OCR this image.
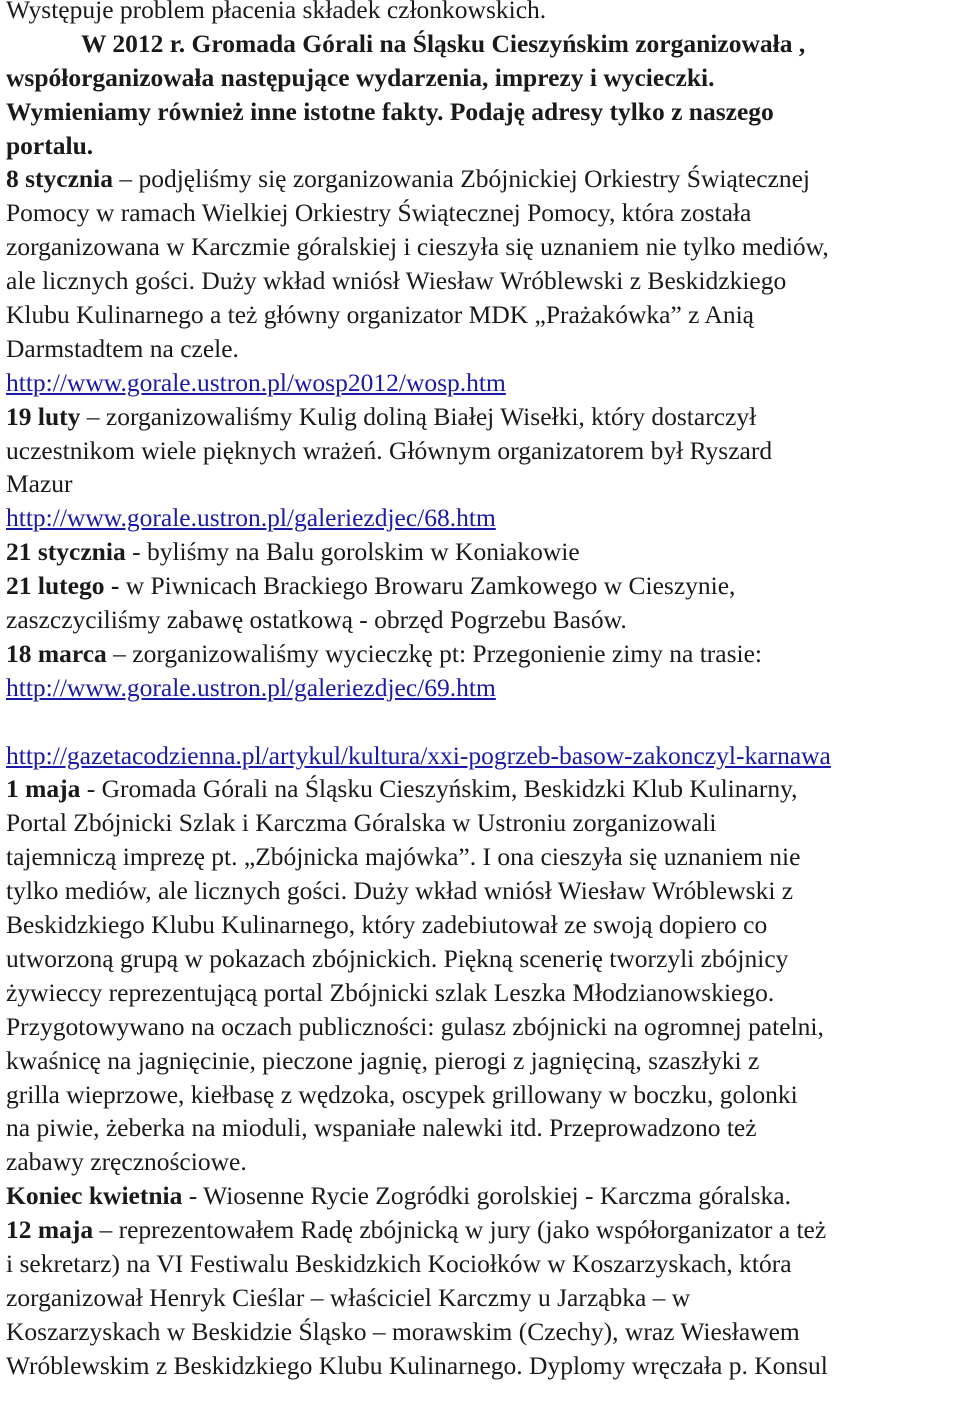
Występuje problem płacenia składek członkowskich.
W 2012 r. Gromada Górali na Śląsku Cieszyńskim zorganizowała ,
współorganizowała następujące wydarzenia, imprezy i wycieczki.
Wymieniamy również inne istotne fakty. Podaję adresy tylko z naszego
portalu.
8 stycznia – podjęliśmy się zorganizowania Zbójnickiej Orkiestry Świątecznej
Pomocy w ramach Wielkiej Orkiestry Świątecznej Pomocy, która została
zorganizowana w Karczmie góralskiej i cieszyła się uznaniem nie tylko mediów,
ale licznych gości. Duży wkład wniósł Wiesław Wróblewski z Beskidzkiego
Klubu Kulinarnego a też główny organizator MDK „Prażakówka” z Anią
Darmstadtem na czele.
http://www.gorale.ustron.pl/wosp2012/wosp.htm
19 luty – zorganizowaliśmy Kulig doliną Białej Wisełki, który dostarczył
uczestnikom wiele pięknych wrażeń. Głównym organizatorem był Ryszard
Mazur
http://www.gorale.ustron.pl/galeriezdjec/68.htm
21 stycznia - byliśmy na Balu gorolskim w Koniakowie
21 lutego - w Piwnicach Brackiego Browaru Zamkowego w Cieszynie,
zaszczyciliśmy zabawę ostatkową - obrzęd Pogrzebu Basów.
18 marca – zorganizowaliśmy wycieczkę pt: Przegonienie zimy na trasie:
http://www.gorale.ustron.pl/galeriezdjec/69.htm
http://gazetacodzienna.pl/artykul/kultura/xxi-pogrzeb-basow-zakonczyl-karnawa
1 maja - Gromada Górali na Śląsku Cieszyńskim, Beskidzki Klub Kulinarny,
Portal Zbójnicki Szlak i Karczma Góralska w Ustroniu zorganizowali
tajemniczą imprezę pt. „Zbójnicka majówka”. I ona cieszyła się uznaniem nie
tylko mediów, ale licznych gości. Duży wkład wniósł Wiesław Wróblewski z
Beskidzkiego Klubu Kulinarnego, który zadebiutował ze swoją dopiero co
utworzoną grupą w pokazach zbójnickich. Piękną scenerię tworzyli zbójnicy
żywieccy reprezentującą portal Zbójnicki szlak Leszka Młodzianowskiego.
Przygotowywano na oczach publiczności: gulasz zbójnicki na ogromnej patelni,
kwaśnicę na jagnięcinie, pieczone jagnię, pierogi z jagnięciną, szaszłyki z
grilla wieprzowe, kiełbasę z wędzoka, oscypek grillowany w boczku, golonki
na piwie, żeberka na mioduli, wspaniałe nalewki itd. Przeprowadzono też
zabawy zręcznościowe.
Koniec kwietnia - Wiosenne Rycie Zogródki gorolskiej - Karczma góralska.
12 maja – reprezentowałem Radę zbójnicką w jury (jako współorganizator a też
i sekretarz) na VI Festiwalu Beskidzkich Kociołków w Koszarzyskach, która
zorganizował Henryk Cieślar – właściciel Karczmy u Jarząbka – w
Koszarzyskach w Beskidzie Śląsko – morawskim (Czechy), wraz Wiesławem
Wróblewskim z Beskidzkiego Klubu Kulinarnego. Dyplomy wręczała p. Konsul
